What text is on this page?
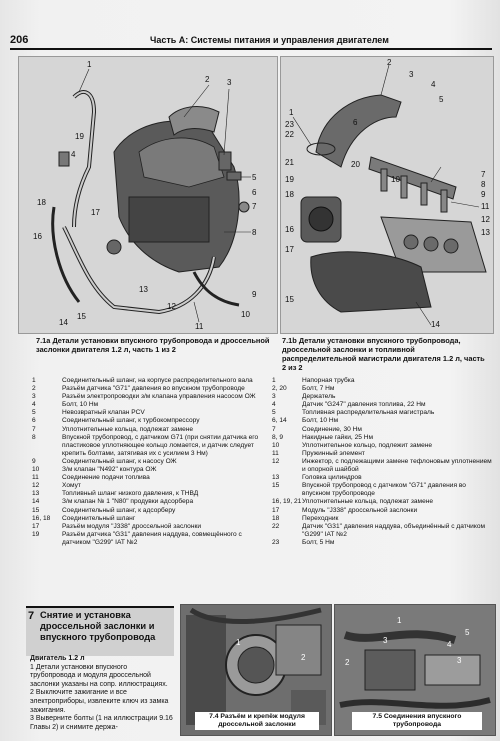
206	Часть А: Системы питания и управления двигателем
1
2 3
4
5
6
7
8
9
10
11
12
13
14
15
16
17
18
19
7.1а Детали установки впускного трубопровода и дроссельной заслонки двигателя 1.2 л, часть 1 из 2
1
2
3
4
5
6
7
8
9
10
11
12
13
14
15
16
17
18
19
20
21
22
23
7.1b Детали установки впускного трубопровода, дроссельной заслонки и топливной распределительной магистрали двигателя 1.2 л, часть 2 из 2
1	Соединительный шланг, на корпусе распределительного вала
2	Разъём датчика "G71" давления во впускном трубопроводе
3	Разъём электропроводки з/м клапана управления насосом ОЖ
4	Болт, 10 Нм
5	Невозвратный клапан PCV
6	Соединительный шланг, к турбокомпрессору
7	Уплотнительные кольца, подлежат замене
8	Впускной трубопровод, с датчиком G71 (при снятии датчика его пластиковое уплотняющее кольцо ломается, и датчик следует крепить болтами, затягивая их с усилием 3 Нм)
9	Соединительный шланг, к насосу ОЖ
10	З/м клапан "N492" контура ОЖ
11	Соединение подачи топлива
12	Хомут
13	Топливный шланг низкого давления, к ТНВД
14	З/м клапан № 1 "N80" продувки адсорбера
15	Соединительный шланг, к адсорберу
16, 18	Соединительный шланг
17	Разъём модуля "J338" дроссельной заслонки
19	Разъём датчика "G31" давления наддува, совмещённого с датчиком "G299" IAT №2
1	Напорная трубка
2, 20	Болт, 7 Нм
3	Держатель
4	Датчик "G247" давления топлива, 22 Нм
5	Топливная распределительная магистраль
6, 14	Болт, 10 Нм
7	Соединение, 30 Нм
8, 9	Накидные гайки, 25 Нм
10	Уплотнительное кольцо, подлежит замене
11	Пружинный элемент
12	Инжектор, с подлежащими замене тефлоновым уплотнением и опорной шайбой
13	Головка цилиндров
15	Впускной трубопровод с датчиком "G71" давления во впускном трубопроводе
16, 19, 21 Уплотнительные кольца, подлежат замене
17	Модуль "J338" дроссельной заслонки
18	Переходник
22	Датчик "G31" давления наддува, объединённый с датчиком "G299" IAT №2
23	Болт, 5 Нм
7 Снятие и установка дроссельной заслонки и впускного трубопровода
Двигатель 1.2 л
1 Детали установки впускного трубопровода и модуля дроссельной заслонки указаны на сопр. иллюстрациях.
2 Выключите зажигание и все электроприборы, извлеките ключ из замка зажигания.
3 Выверните болты (1 на иллюстрации 9.16 Главы 2) и снимите держа-
1
2
7.4 Разъём и крепёж модуля дроссельной заслонки
1
2
3
3
4
5
7.5 Соединения впускного трубопровода
